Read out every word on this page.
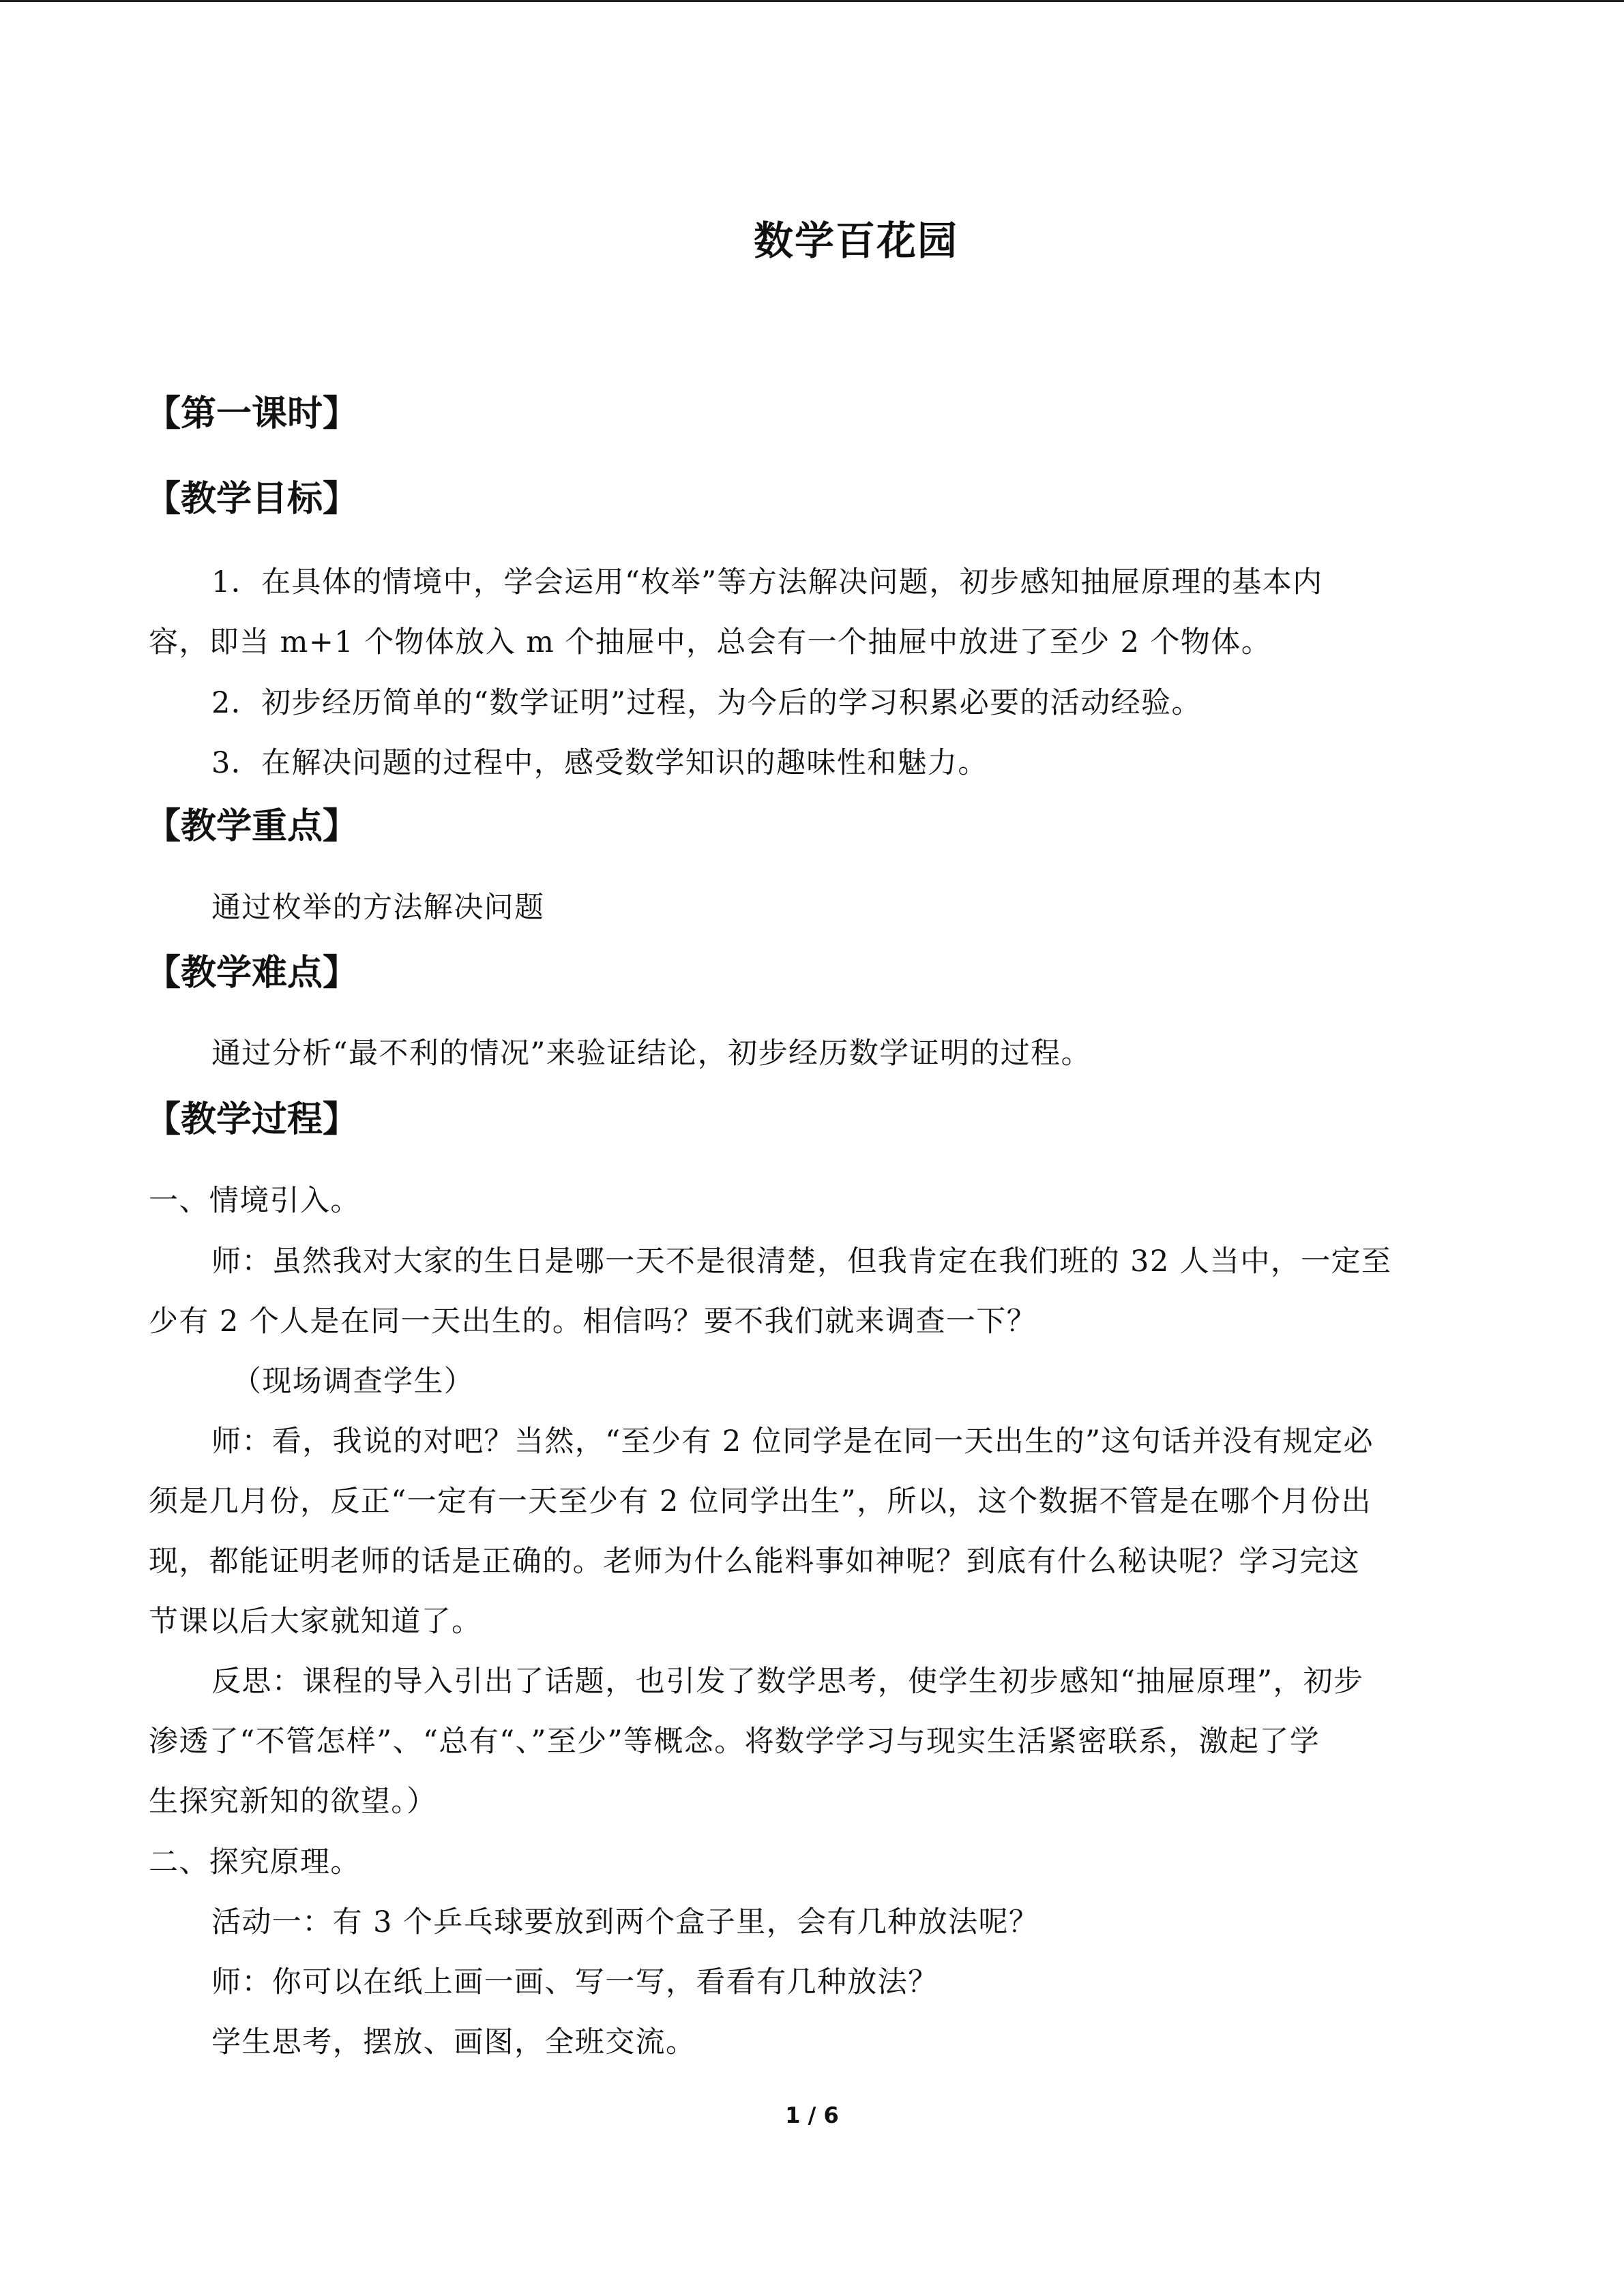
数学百花园
【第一课时】
【教学目标】
1．在具体的情境中，学会运用“枚举”等方法解决问题，初步感知抽屉原理的基本内
容，即当 m+1 个物体放入 m 个抽屉中，总会有一个抽屉中放进了至少 2 个物体。
2．初步经历简单的“数学证明”过程，为今后的学习积累必要的活动经验。
3．在解决问题的过程中，感受数学知识的趣味性和魅力。
【教学重点】
通过枚举的方法解决问题
【教学难点】
通过分析“最不利的情况”来验证结论，初步经历数学证明的过程。
【教学过程】
一、情境引入。
师：虽然我对大家的生日是哪一天不是很清楚，但我肯定在我们班的 32 人当中，一定至
少有 2 个人是在同一天出生的。相信吗？要不我们就来调查一下？
（现场调查学生）
师：看，我说的对吧？当然，“至少有 2 位同学是在同一天出生的”这句话并没有规定必
须是几月份，反正“一定有一天至少有 2 位同学出生”，所以，这个数据不管是在哪个月份出
现，都能证明老师的话是正确的。老师为什么能料事如神呢？到底有什么秘诀呢？学习完这
节课以后大家就知道了。
反思：课程的导入引出了话题，也引发了数学思考，使学生初步感知“抽屉原理”，初步
渗透了“不管怎样”、“总有“、”至少”等概念。将数学学习与现实生活紧密联系，激起了学
生探究新知的欲望。）
二、探究原理。
活动一：有 3 个乒乓球要放到两个盒子里，会有几种放法呢？
师：你可以在纸上画一画、写一写，看看有几种放法？
学生思考，摆放、画图，全班交流。
1 / 6
